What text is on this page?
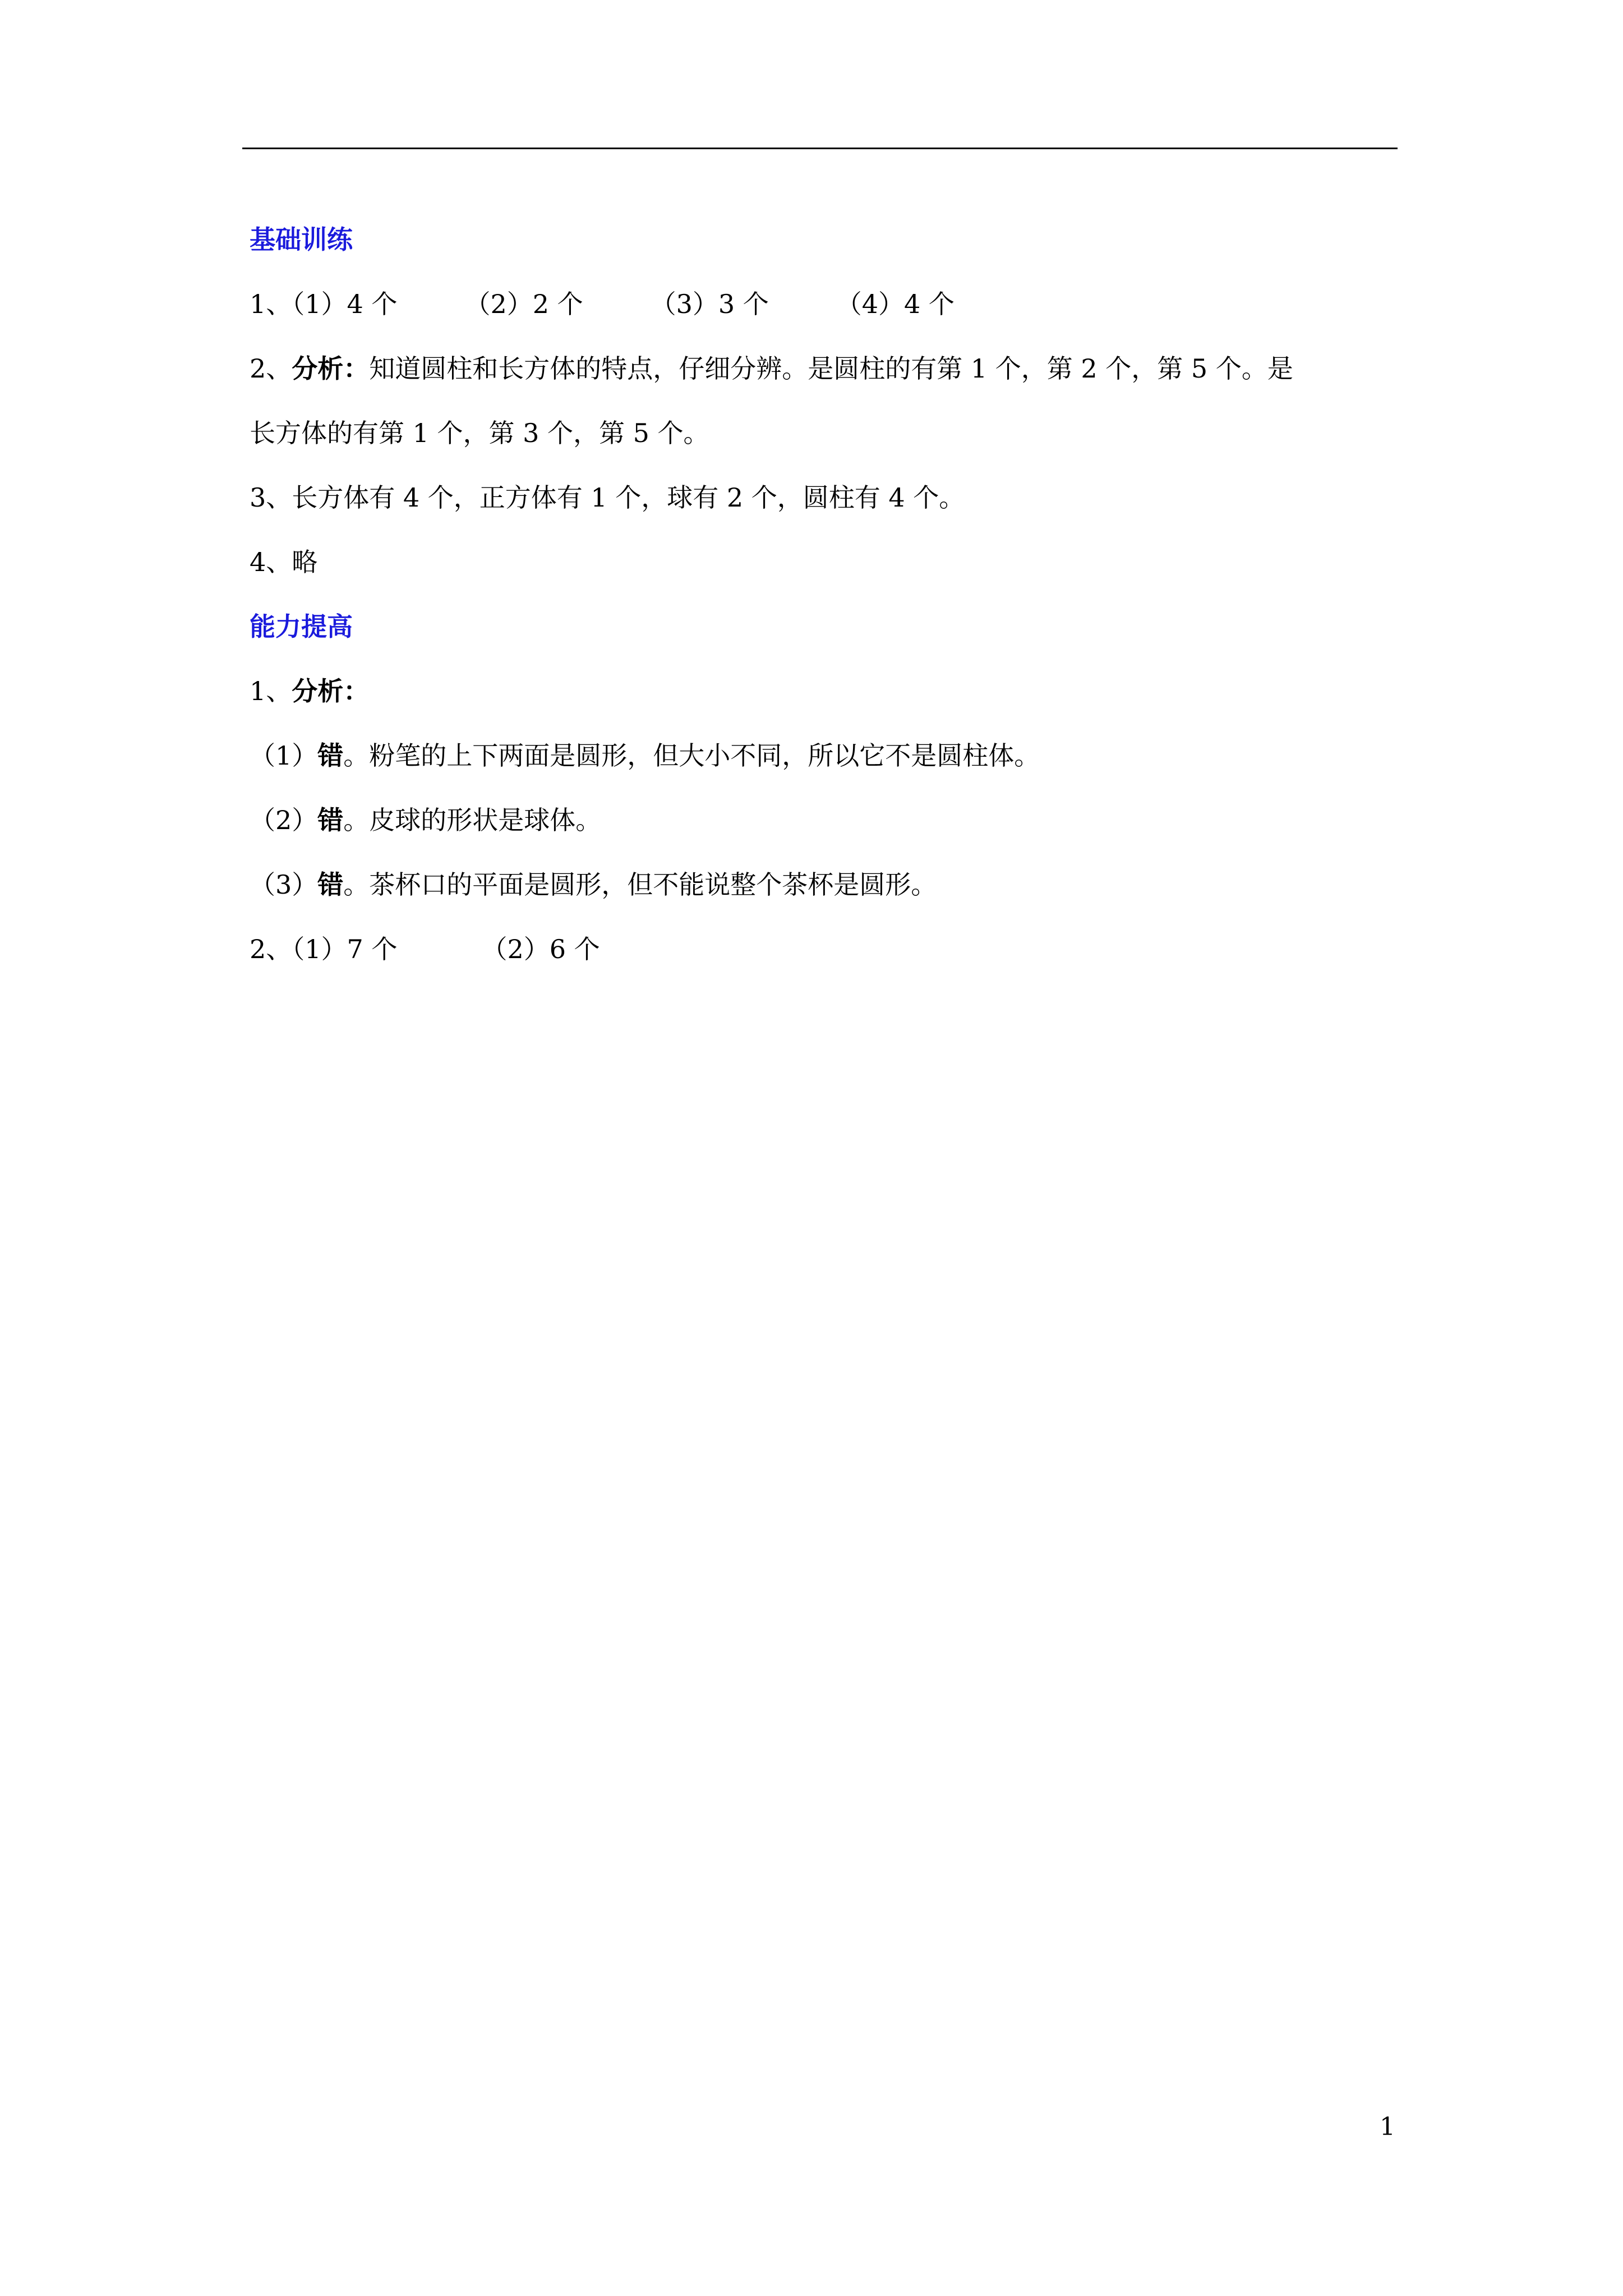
基础训练
1、（1）4 个	（2）2 个	（3）3 个	（4）4 个
2、分析：知道圆柱和长方体的特点，仔细分辨。是圆柱的有第 1 个，第 2 个，第 5 个。是
长方体的有第 1 个，第 3 个，第 5 个。
3、长方体有 4 个，正方体有 1 个，球有 2 个，圆柱有 4 个。
4、略
能力提高
1、分析：
（1）错。粉笔的上下两面是圆形，但大小不同，所以它不是圆柱体。
（2）错。皮球的形状是球体。
（3）错。茶杯口的平面是圆形，但不能说整个茶杯是圆形。
2、（1）7 个	（2）6 个
1
